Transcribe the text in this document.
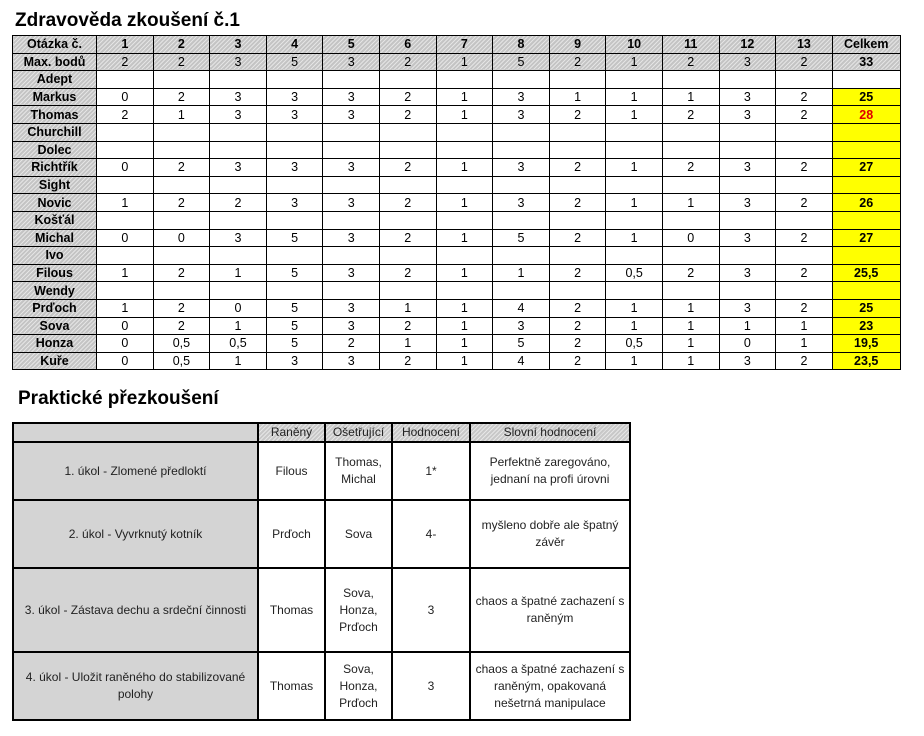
Zdravověda zkoušení č.1
Otázka č.	1	2	3	4	5	6	7	8	9	10	11	12	13	Celkem
Max. bodů	2	2	3	5	3	2	1	5	2	1	2	3	2	33
Adept														
Markus	0	2	3	3	3	2	1	3	1	1	1	3	2	25
Thomas	2	1	3	3	3	2	1	3	2	1	2	3	2	28
Churchill														
Dolec														
Richtřík	0	2	3	3	3	2	1	3	2	1	2	3	2	27
Sight														
Novic	1	2	2	3	3	2	1	3	2	1	1	3	2	26
Košťál														
Michal	0	0	3	5	3	2	1	5	2	1	0	3	2	27
Ivo														
Filous	1	2	1	5	3	2	1	1	2	0,5	2	3	2	25,5
Wendy														
Prďoch	1	2	0	5	3	1	1	4	2	1	1	3	2	25
Sova	0	2	1	5	3	2	1	3	2	1	1	1	1	23
Honza	0	0,5	0,5	5	2	1	1	5	2	0,5	1	0	1	19,5
Kuře	0	0,5	1	3	3	2	1	4	2	1	1	3	2	23,5
Praktické přezkoušení
	Raněný	Ošetřující	Hodnocení	Slovní hodnocení
1. úkol - Zlomené předloktí	Filous	Thomas, Michal	1*	Perfektně zaregováno, jednaní na profi úrovni
2. úkol - Vyvrknutý kotník	Prďoch	Sova	4-	myšleno dobře ale špatný závěr
3. úkol - Zástava dechu a srdeční činnosti	Thomas	Sova, Honza, Prďoch	3	chaos a špatné zachazení s raněným
4. úkol - Uložit raněného do stabilizované polohy	Thomas	Sova, Honza, Prďoch	3	chaos a špatné zachazení s raněným, opakovaná nešetrná manipulace
